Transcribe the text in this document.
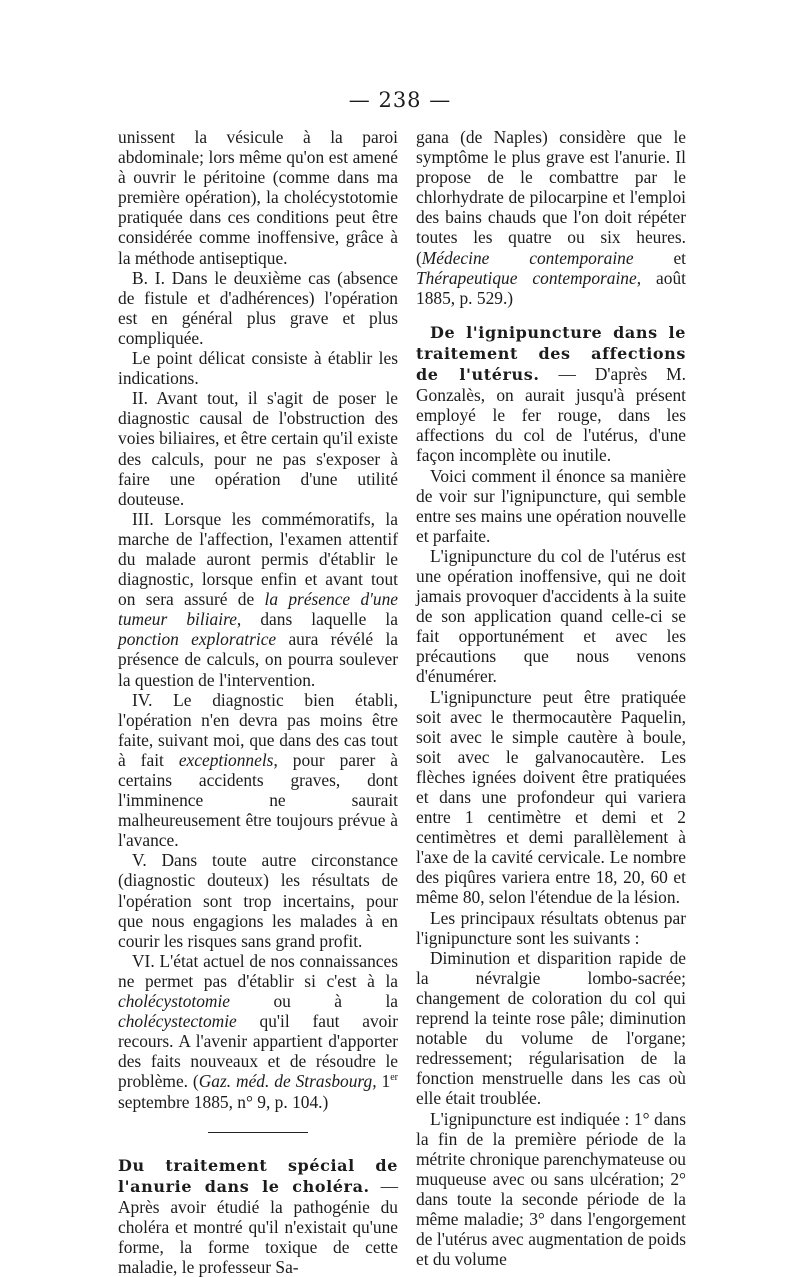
— 238 —

unissent la vésicule à la paroi abdominale; lors même qu'on est amené à ouvrir le péritoine (comme dans ma première opération), la cholécystotomie pratiquée dans ces conditions peut être considérée comme inoffensive, grâce à la méthode antiseptique.

B. I. Dans le deuxième cas (absence de fistule et d'adhérences) l'opération est en général plus grave et plus compliquée.

Le point délicat consiste à établir les indications.

II. Avant tout, il s'agit de poser le diagnostic causal de l'obstruction des voies biliaires, et être certain qu'il existe des calculs, pour ne pas s'exposer à faire une opération d'une utilité douteuse.

III. Lorsque les commémoratifs, la marche de l'affection, l'examen attentif du malade auront permis d'établir le diagnostic, lorsque enfin et avant tout on sera assuré de la présence d'une tumeur biliaire, dans laquelle la ponction exploratrice aura révélé la présence de calculs, on pourra soulever la question de l'intervention.

IV. Le diagnostic bien établi, l'opération n'en devra pas moins être faite, suivant moi, que dans des cas tout à fait exceptionnels, pour parer à certains accidents graves, dont l'imminence ne saurait malheureusement être toujours prévue à l'avance.

V. Dans toute autre circonstance (diagnostic douteux) les résultats de l'opération sont trop incertains, pour que nous engagions les malades à en courir les risques sans grand profit.

VI. L'état actuel de nos connaissances ne permet pas d'établir si c'est à la cholécystotomie ou à la cholécystectomie qu'il faut avoir recours. A l'avenir appartient d'apporter des faits nouveaux et de résoudre le problème. (Gaz. méd. de Strasbourg, 1er septembre 1885, n° 9, p. 104.)

Du traitement spécial de l'anurie dans le choléra. — Après avoir étudié la pathogénie du choléra et montré qu'il n'existait qu'une forme, la forme toxique de cette maladie, le professeur Sa-

gana (de Naples) considère que le symptôme le plus grave est l'anurie. Il propose de le combattre par le chlorhydrate de pilocarpine et l'emploi des bains chauds que l'on doit répéter toutes les quatre ou six heures. (Médecine contemporaine et Thérapeutique contemporaine, août 1885, p. 529.)

De l'ignipuncture dans le traitement des affections de l'utérus. — D'après M. Gonzalès, on aurait jusqu'à présent employé le fer rouge, dans les affections du col de l'utérus, d'une façon incomplète ou inutile.

Voici comment il énonce sa manière de voir sur l'ignipuncture, qui semble entre ses mains une opération nouvelle et parfaite.

L'ignipuncture du col de l'utérus est une opération inoffensive, qui ne doit jamais provoquer d'accidents à la suite de son application quand celle-ci se fait opportunément et avec les précautions que nous venons d'énumérer.

L'ignipuncture peut être pratiquée soit avec le thermocautère Paquelin, soit avec le simple cautère à boule, soit avec le galvanocautère. Les flèches ignées doivent être pratiquées et dans une profondeur qui variera entre 1 centimètre et demi et 2 centimètres et demi parallèlement à l'axe de la cavité cervicale. Le nombre des piqûres variera entre 18, 20, 60 et même 80, selon l'étendue de la lésion.

Les principaux résultats obtenus par l'ignipuncture sont les suivants :

Diminution et disparition rapide de la névralgie lombo-sacrée; changement de coloration du col qui reprend la teinte rose pâle; diminution notable du volume de l'organe; redressement; régularisation de la fonction menstruelle dans les cas où elle était troublée.

L'ignipuncture est indiquée : 1° dans la fin de la première période de la métrite chronique parenchymateuse ou muqueuse avec ou sans ulcération; 2° dans toute la seconde période de la même maladie; 3° dans l'engorgement de l'utérus avec augmentation de poids et du volume
